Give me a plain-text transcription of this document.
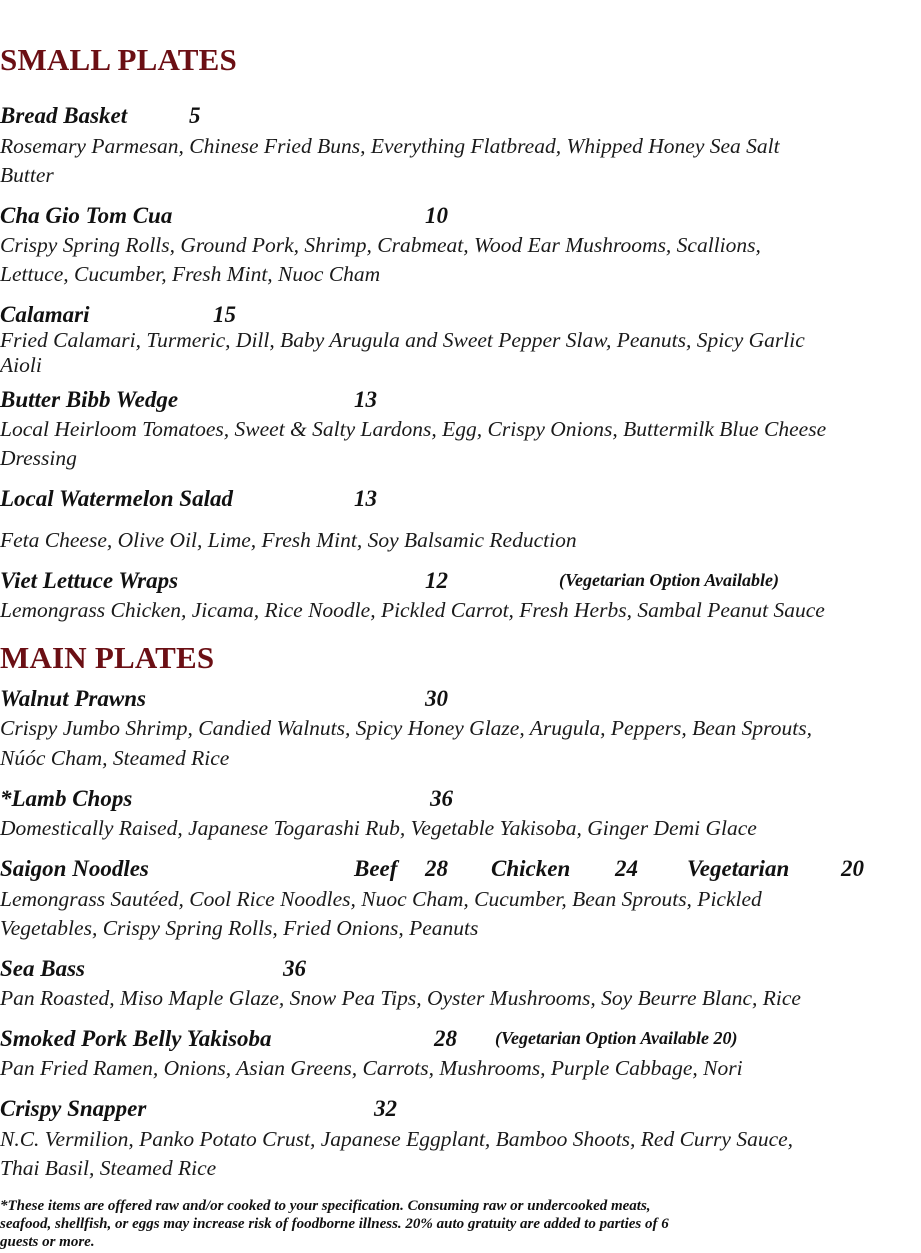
SMALL PLATES
Bread Basket	5
Rosemary Parmesan, Chinese Fried Buns, Everything Flatbread, Whipped Honey Sea Salt
Butter
Cha Gio Tom Cua	10
Crispy Spring Rolls, Ground Pork, Shrimp, Crabmeat, Wood Ear Mushrooms, Scallions,
Lettuce, Cucumber, Fresh Mint, Nuoc Cham
Calamari	15
Fried Calamari, Turmeric, Dill, Baby Arugula and Sweet Pepper Slaw, Peanuts, Spicy Garlic
Aioli
Butter Bibb Wedge	13
Local Heirloom Tomatoes, Sweet & Salty Lardons, Egg, Crispy Onions, Buttermilk Blue Cheese
Dressing
Local Watermelon Salad	13
Feta Cheese, Olive Oil, Lime, Fresh Mint, Soy Balsamic Reduction
Viet Lettuce Wraps	12	(Vegetarian Option Available)
Lemongrass Chicken, Jicama, Rice Noodle, Pickled Carrot, Fresh Herbs, Sambal Peanut Sauce
MAIN PLATES
Walnut Prawns	30
Crispy Jumbo Shrimp, Candied Walnuts, Spicy Honey Glaze, Arugula, Peppers, Bean Sprouts,
Núóc Cham, Steamed Rice
*Lamb Chops	36
Domestically Raised, Japanese Togarashi Rub, Vegetable Yakisoba, Ginger Demi Glace
Saigon Noodles	Beef 28 Chicken 24 Vegetarian 20
Lemongrass Sautéed, Cool Rice Noodles, Nuoc Cham, Cucumber, Bean Sprouts, Pickled
Vegetables, Crispy Spring Rolls, Fried Onions, Peanuts
Sea Bass	36
Pan Roasted, Miso Maple Glaze, Snow Pea Tips, Oyster Mushrooms, Soy Beurre Blanc, Rice
Smoked Pork Belly Yakisoba	28 (Vegetarian Option Available 20)
Pan Fried Ramen, Onions, Asian Greens, Carrots, Mushrooms, Purple Cabbage, Nori
Crispy Snapper	32
N.C. Vermilion, Panko Potato Crust, Japanese Eggplant, Bamboo Shoots, Red Curry Sauce,
Thai Basil, Steamed Rice
*These items are offered raw and/or cooked to your specification. Consuming raw or undercooked meats,
seafood, shellfish, or eggs may increase risk of foodborne illness. 20% auto gratuity are added to parties of 6
guests or more.
